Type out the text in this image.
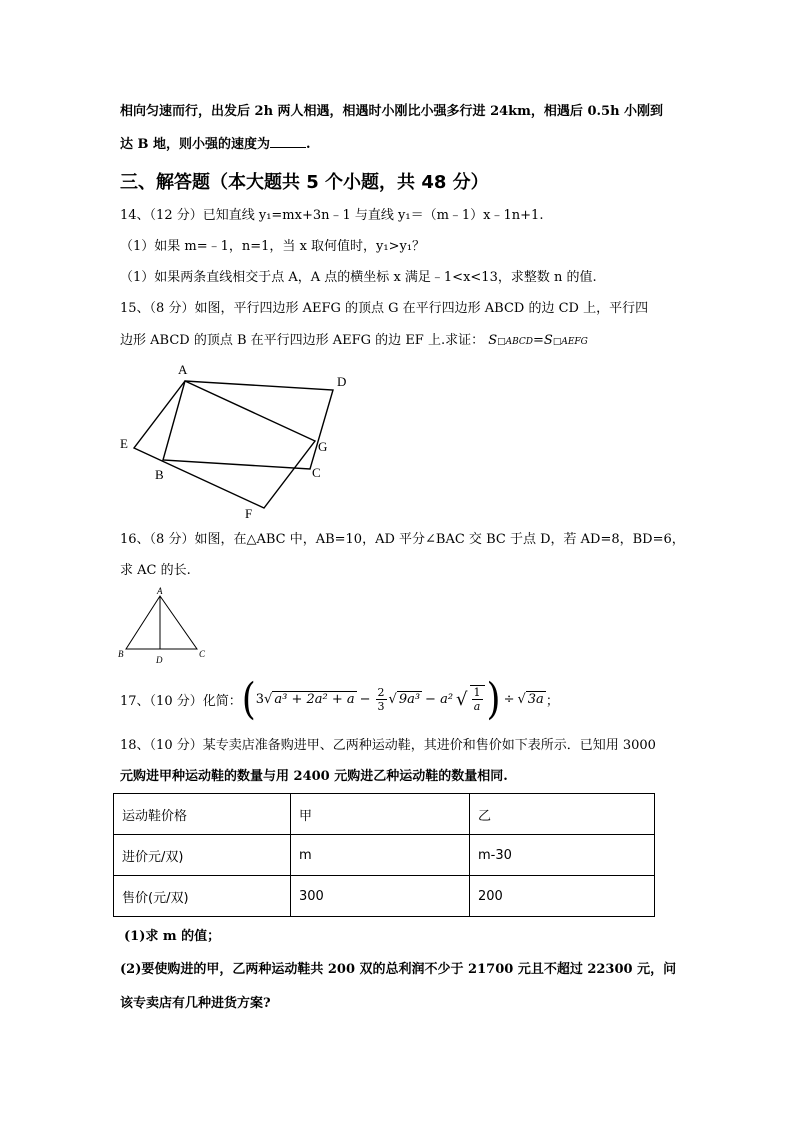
相向匀速而行，出发后 2h 两人相遇，相遇时小刚比小强多行进 24km，相遇后 0.5h 小刚到
达 B 地，则小强的速度为	.
三、解答题（本大题共 5 个小题，共 48 分）
14、（12 分）已知直线 y₁=mx+3n﹣1 与直线 y₁＝（m﹣1）x﹣1n+1.
（1）如果 m=﹣1，n=1，当 x 取何值时，y₁>y₁？
（1）如果两条直线相交于点 A，A 点的横坐标 x 满足﹣1<x<13，求整数 n 的值.
15、（8 分）如图，平行四边形 AEFG 的顶点 G 在平行四边形 ABCD 的边 CD 上，平行四
边形 ABCD 的顶点 B 在平行四边形 AEFG 的边 EF 上.求证： S□ABCD=S□AEFG
A
D
E	G
B	C
F
16、（8 分）如图，在△ABC 中，AB=10，AD 平分∠BAC 交 BC 于点 D，若 AD=8，BD=6，
求 AC 的长.
A
B
D
C
17、（10 分）化简： ( 3 √ $a^3 + 2a^2 + a - \frac{2}{3}$ √ 9a³ − a² √ $\frac{1}{a}$ ) ÷ √ 3a ；
18、（10 分）某专卖店准备购进甲、乙两种运动鞋，其进价和售价如下表所示．已知用 3000
元购进甲种运动鞋的数量与用 2400 元购进乙种运动鞋的数量相同.
运动鞋价格	甲	乙
进价元/双)	m	m-30
售价(元/双)	300	200
(1)求 m 的值；
(2)要使购进的甲，乙两种运动鞋共 200 双的总利润不少于 21700 元且不超过 22300 元，问
该专卖店有几种进货方案?
